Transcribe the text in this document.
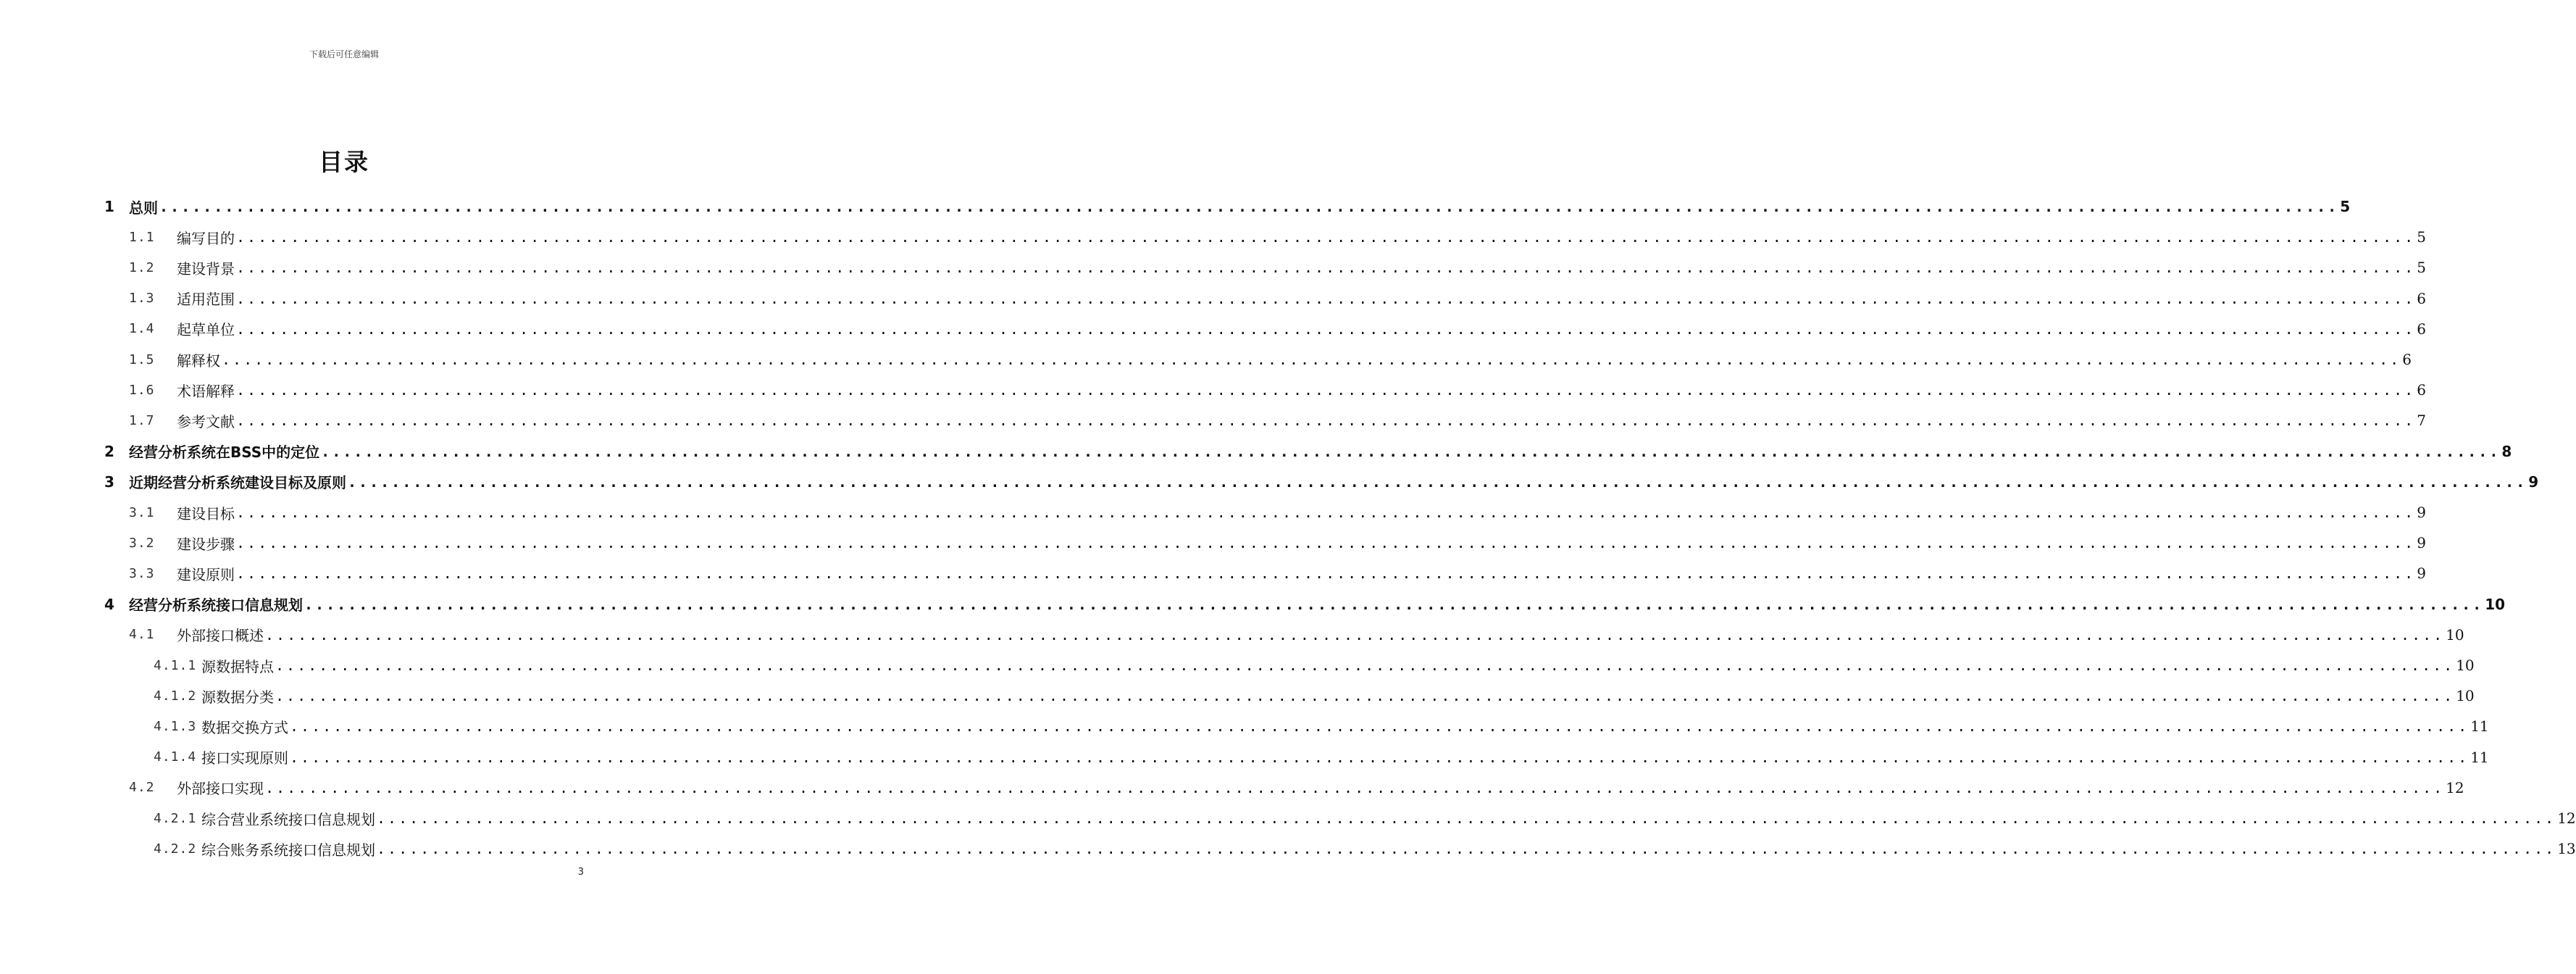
下载后可任意编辑
目录
1	总则 ........................................................................................................................................................................................................ 5
1.1	编写目的 ........................................................................................................................................................................................................ 5
1.2	建设背景 ........................................................................................................................................................................................................ 5
1.3	适用范围 ........................................................................................................................................................................................................ 6
1.4	起草单位 ........................................................................................................................................................................................................ 6
1.5	解释权 ........................................................................................................................................................................................................ 6
1.6	术语解释 ........................................................................................................................................................................................................ 6
1.7	参考文献 ........................................................................................................................................................................................................ 7
2	经营分析系统在BSS中的定位 ........................................................................................................................................................................................................ 8
3	近期经营分析系统建设目标及原则 ........................................................................................................................................................................................................ 9
3.1	建设目标 ........................................................................................................................................................................................................ 9
3.2	建设步骤 ........................................................................................................................................................................................................ 9
3.3	建设原则 ........................................................................................................................................................................................................ 9
4	经营分析系统接口信息规划 ........................................................................................................................................................................................................ 10
4.1	外部接口概述 ........................................................................................................................................................................................................ 10
4.1.1 源数据特点 ........................................................................................................................................................................................................ 10
4.1.2 源数据分类 ........................................................................................................................................................................................................ 10
4.1.3 数据交换方式 ........................................................................................................................................................................................................ 11
4.1.4 接口实现原则 ........................................................................................................................................................................................................ 11
4.2	外部接口实现 ........................................................................................................................................................................................................ 12
4.2.1 综合营业系统接口信息规划 ........................................................................................................................................................................................................ 12
4.2.2 综合账务系统接口信息规划 ........................................................................................................................................................................................................ 13
3
